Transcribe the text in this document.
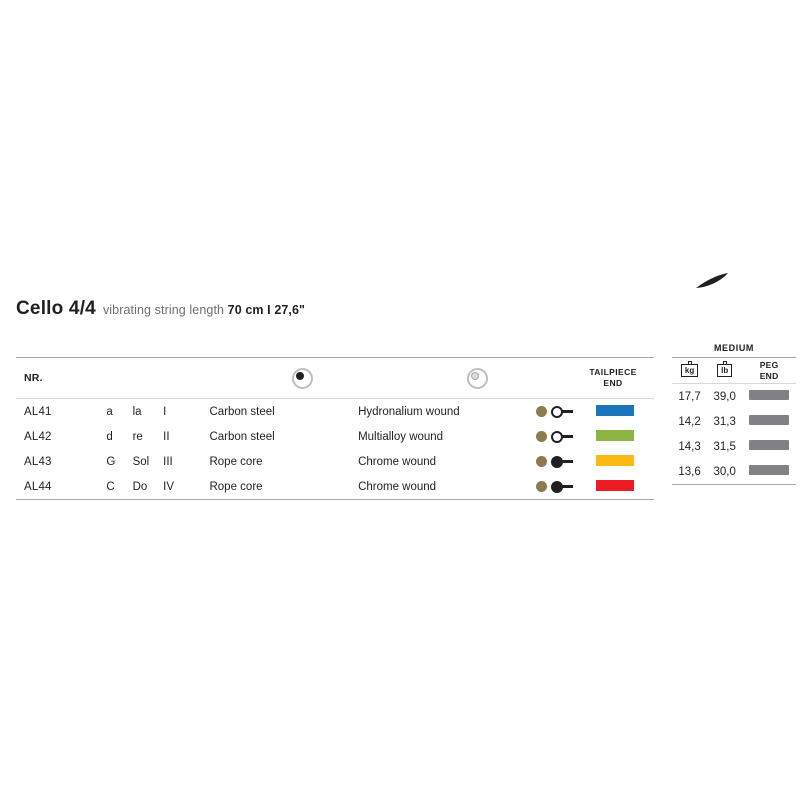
Cello 4/4 vibrating string length 70 cm I 27,6"
NR.						TAILPIECE
END
AL41	a	la	I	Carbon steel	Hydronalium wound	

AL42	d	re	II	Carbon steel	Multialloy wound	

AL43	G	Sol	III	Rope core	Chrome wound	

AL44	C	Do	IV	Rope core	Chrome wound	

MEDIUM
kg	lb	
PEG
END
17,7	39,0	
14,2	31,3	
14,3	31,5	
13,6	30,0	
